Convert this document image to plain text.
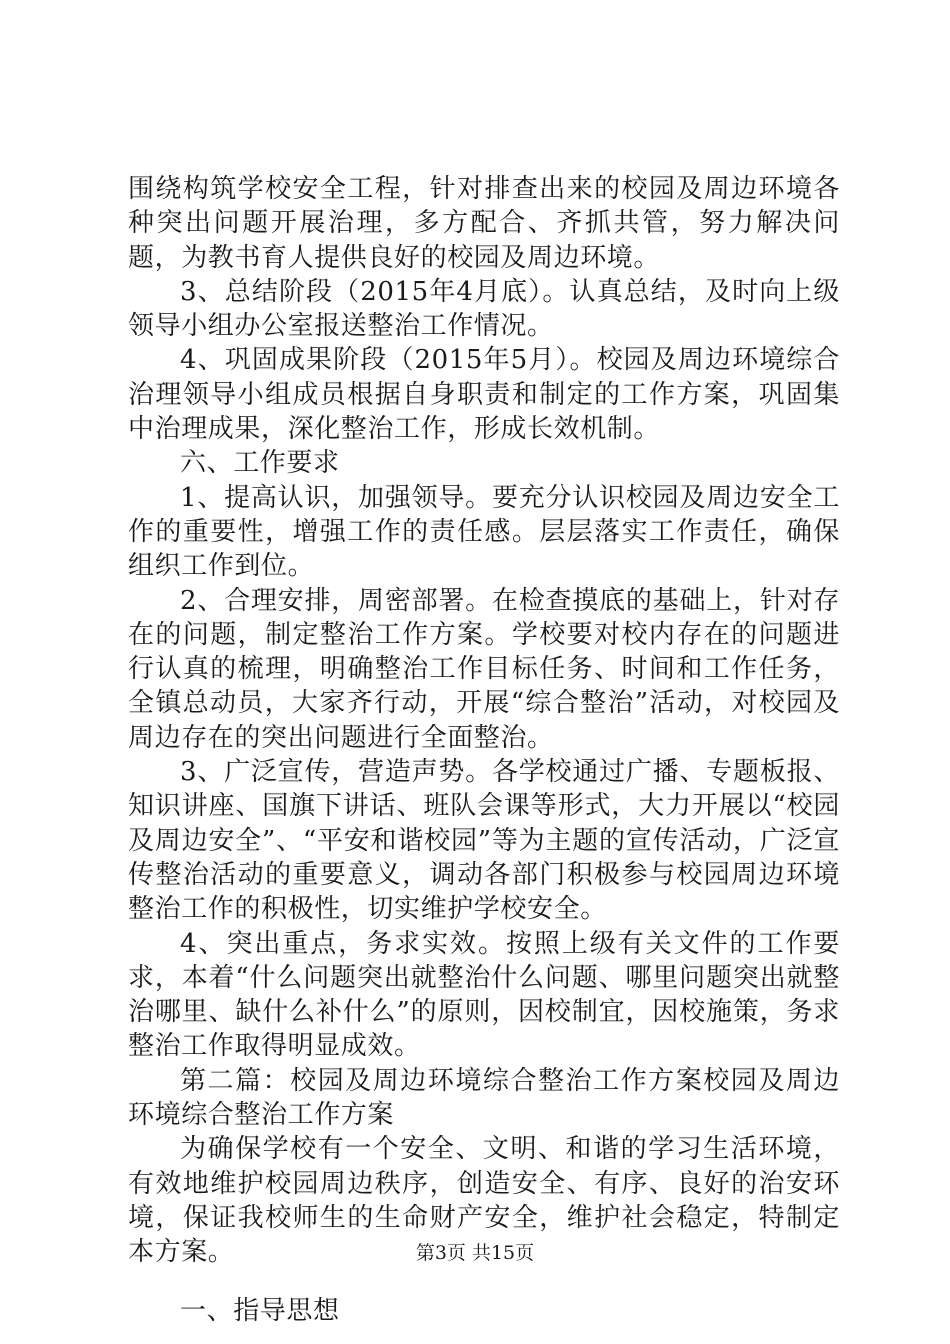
围绕构筑学校安全工程，针对排查出来的校园及周边环境各种突出问题开展治理，多方配合、齐抓共管，努力解决问题，为教书育人提供良好的校园及周边环境。

3、总结阶段（2015年4月底）。认真总结，及时向上级领导小组办公室报送整治工作情况。

4、巩固成果阶段（2015年5月）。校园及周边环境综合治理领导小组成员根据自身职责和制定的工作方案，巩固集中治理成果，深化整治工作，形成长效机制。

六、工作要求

1、提高认识，加强领导。要充分认识校园及周边安全工作的重要性，增强工作的责任感。层层落实工作责任，确保组织工作到位。

2、合理安排，周密部署。在检查摸底的基础上，针对存在的问题，制定整治工作方案。学校要对校内存在的问题进行认真的梳理，明确整治工作目标任务、时间和工作任务，全镇总动员，大家齐行动，开展“综合整治”活动，对校园及周边存在的突出问题进行全面整治。

3、广泛宣传，营造声势。各学校通过广播、专题板报、知识讲座、国旗下讲话、班队会课等形式，大力开展以“校园及周边安全”、“平安和谐校园”等为主题的宣传活动，广泛宣传整治活动的重要意义，调动各部门积极参与校园周边环境整治工作的积极性，切实维护学校安全。

4、突出重点，务求实效。按照上级有关文件的工作要求，本着“什么问题突出就整治什么问题、哪里问题突出就整治哪里、缺什么补什么”的原则，因校制宜，因校施策，务求整治工作取得明显成效。

第二篇：校园及周边环境综合整治工作方案校园及周边环境综合整治工作方案

为确保学校有一个安全、文明、和谐的学习生活环境，有效地维护校园周边秩序，创造安全、有序、良好的治安环境，保证我校师生的生命财产安全，维护社会稳定，特制定本方案。

一、指导思想

第3页 共15页
